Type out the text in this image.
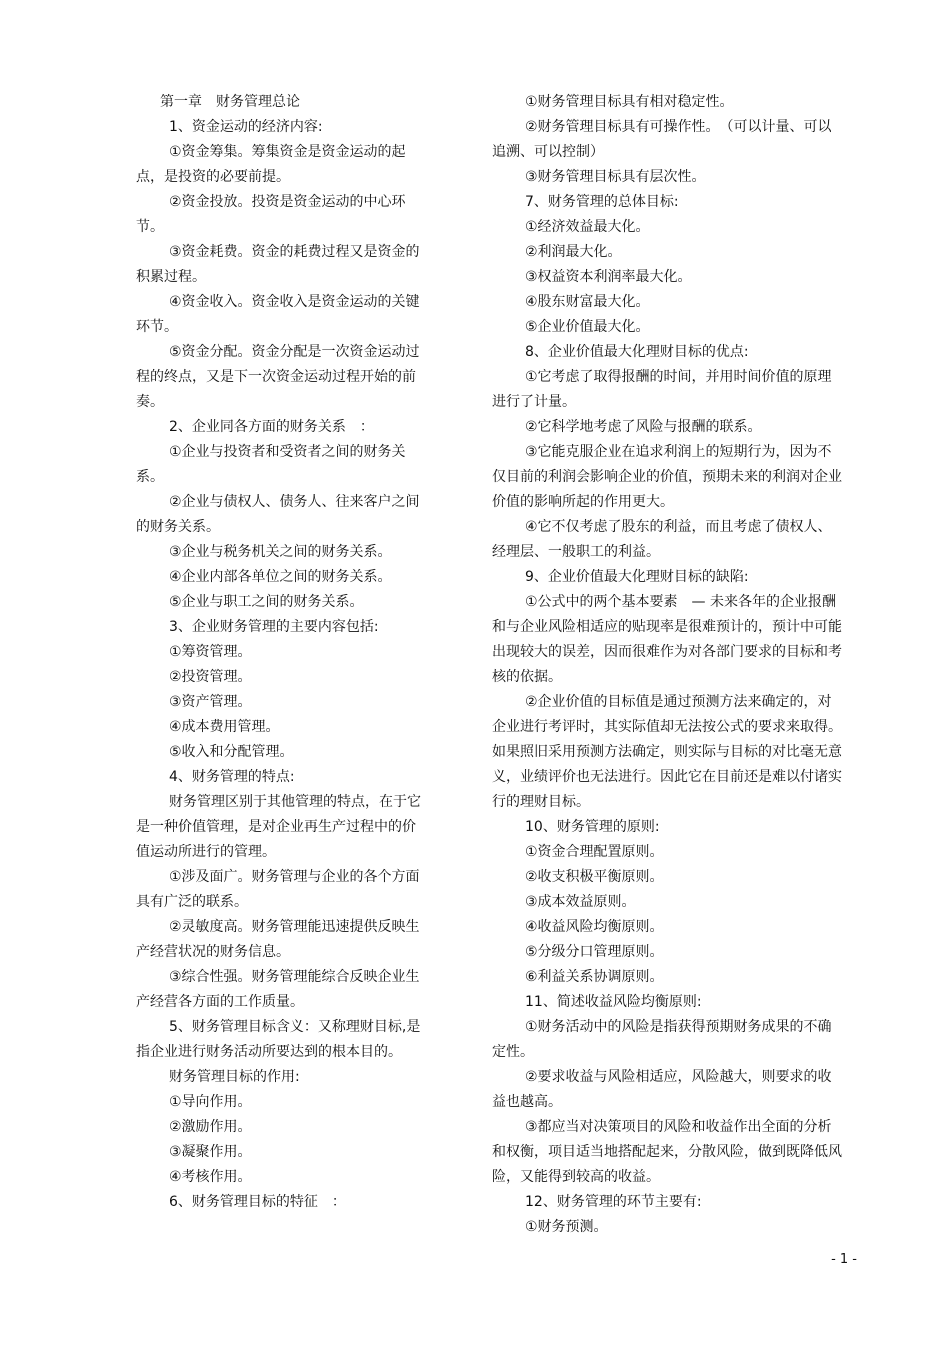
第一章　财务管理总论

1、资金运动的经济内容:

①资金筹集。筹集资金是资金运动的起点，是投资的必要前提。

②资金投放。投资是资金运动的中心环节。

③资金耗费。资金的耗费过程又是资金的积累过程。

④资金收入。资金收入是资金运动的关键环节。

⑤资金分配。资金分配是一次资金运动过程的终点，又是下一次资金运动过程开始的前奏。

2、企业同各方面的财务关系　：

①企业与投资者和受资者之间的财务关系。

②企业与债权人、债务人、往来客户之间的财务关系。

③企业与税务机关之间的财务关系。

④企业内部各单位之间的财务关系。

⑤企业与职工之间的财务关系。

3、企业财务管理的主要内容包括:

①筹资管理。

②投资管理。

③资产管理。

④成本费用管理。

⑤收入和分配管理。

4、财务管理的特点:

财务管理区别于其他管理的特点，在于它是一种价值管理，是对企业再生产过程中的价值运动所进行的管理。

①涉及面广。财务管理与企业的各个方面具有广泛的联系。

②灵敏度高。财务管理能迅速提供反映生产经营状况的财务信息。

③综合性强。财务管理能综合反映企业生产经营各方面的工作质量。

5、财务管理目标含义：又称理财目标,是指企业进行财务活动所要达到的根本目的。

财务管理目标的作用:

①导向作用。

②激励作用。

③凝聚作用。

④考核作用。

6、财务管理目标的特征　：

①财务管理目标具有相对稳定性。

②财务管理目标具有可操作性。　（可以计量、可以追溯、可以控制）

③财务管理目标具有层次性。

7、财务管理的总体目标:

①经济效益最大化。

②利润最大化。

③权益资本利润率最大化。

④股东财富最大化。

⑤企业价值最大化。

8、企业价值最大化理财目标的优点:

①它考虑了取得报酬的时间，并用时间价值的原理进行了计量。

②它科学地考虑了风险与报酬的联系。

③它能克服企业在追求利润上的短期行为，因为不仅目前的利润会影响企业的价值，预期未来的利润对企业价值的影响所起的作用更大。

④它不仅考虑了股东的利益，而且考虑了债权人、经理层、一般职工的利益。

9、企业价值最大化理财目标的缺陷:

①公式中的两个基本要素　— 未来各年的企业报酬和与企业风险相适应的贴现率是很难预计的，预计中可能出现较大的误差，因而很难作为对各部门要求的目标和考核的依据。

②企业价值的目标值是通过预测方法来确定的，对企业进行考评时，其实际值却无法按公式的要求来取得。如果照旧采用预测方法确定，则实际与目标的对比毫无意义，业绩评价也无法进行。因此它在目前还是难以付诸实行的理财目标。

10、财务管理的原则:

①资金合理配置原则。

②收支积极平衡原则。

③成本效益原则。

④收益风险均衡原则。

⑤分级分口管理原则。

⑥利益关系协调原则。

11、简述收益风险均衡原则:

①财务活动中的风险是指获得预期财务成果的不确定性。

②要求收益与风险相适应，风险越大，则要求的收益也越高。

③都应当对决策项目的风险和收益作出全面的分析和权衡，项目适当地搭配起来，分散风险，做到既降低风险，又能得到较高的收益。

12、财务管理的环节主要有:

①财务预测。

- 1 -
